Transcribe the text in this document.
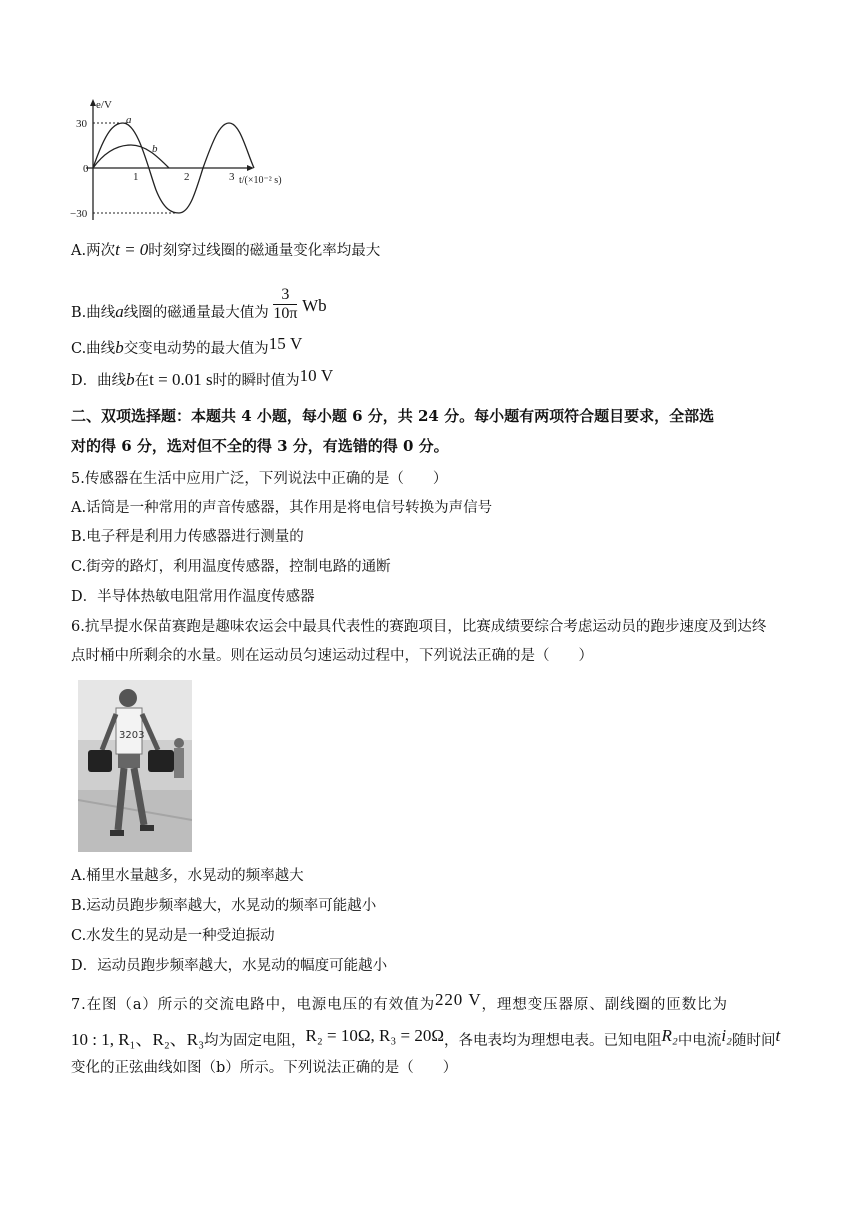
e/V
30
0
−30
1	2	3 t/(×10⁻² s)
a
b
A.两次t = 0时刻穿过线圈的磁通量变化率均最大
B.曲线a线圈的磁通量最大值为 $\frac{3}{10\pi}$ Wb
C.曲线b交变电动势的最大值为15 V
D．曲线b在t = 0.01 s时的瞬时值为10 V
二、双项选择题：本题共 4 小题，每小题 6 分，共 24 分。每小题有两项符合题目要求，全部选
对的得 6 分，选对但不全的得 3 分，有选错的得 0 分。
5.传感器在生活中应用广泛，下列说法中正确的是（　　）
A.话筒是一种常用的声音传感器，其作用是将电信号转换为声信号
B.电子秤是利用力传感器进行测量的
C.街旁的路灯，利用温度传感器，控制电路的通断
D．半导体热敏电阻常用作温度传感器
6.抗旱提水保苗赛跑是趣味农运会中最具代表性的赛跑项目，比赛成绩要综合考虑运动员的跑步速度及到达终
点时桶中所剩余的水量。则在运动员匀速运动过程中，下列说法正确的是（　　）
3203
A.桶里水量越多，水晃动的频率越大
B.运动员跑步频率越大，水晃动的频率可能越小
C.水发生的晃动是一种受迫振动
D．运动员跑步频率越大，水晃动的幅度可能越小
7.在图（a）所示的交流电路中，电源电压的有效值为220 V，理想变压器原、副线圈的匝数比为
10 : 1, R₁、R₂、R₃均为固定电阻，R₂ = 10Ω, R₃ = 20Ω，各电表均为理想电表。已知电阻R₂中电流i₂随时间t
变化的正弦曲线如图（b）所示。下列说法正确的是（　　）
